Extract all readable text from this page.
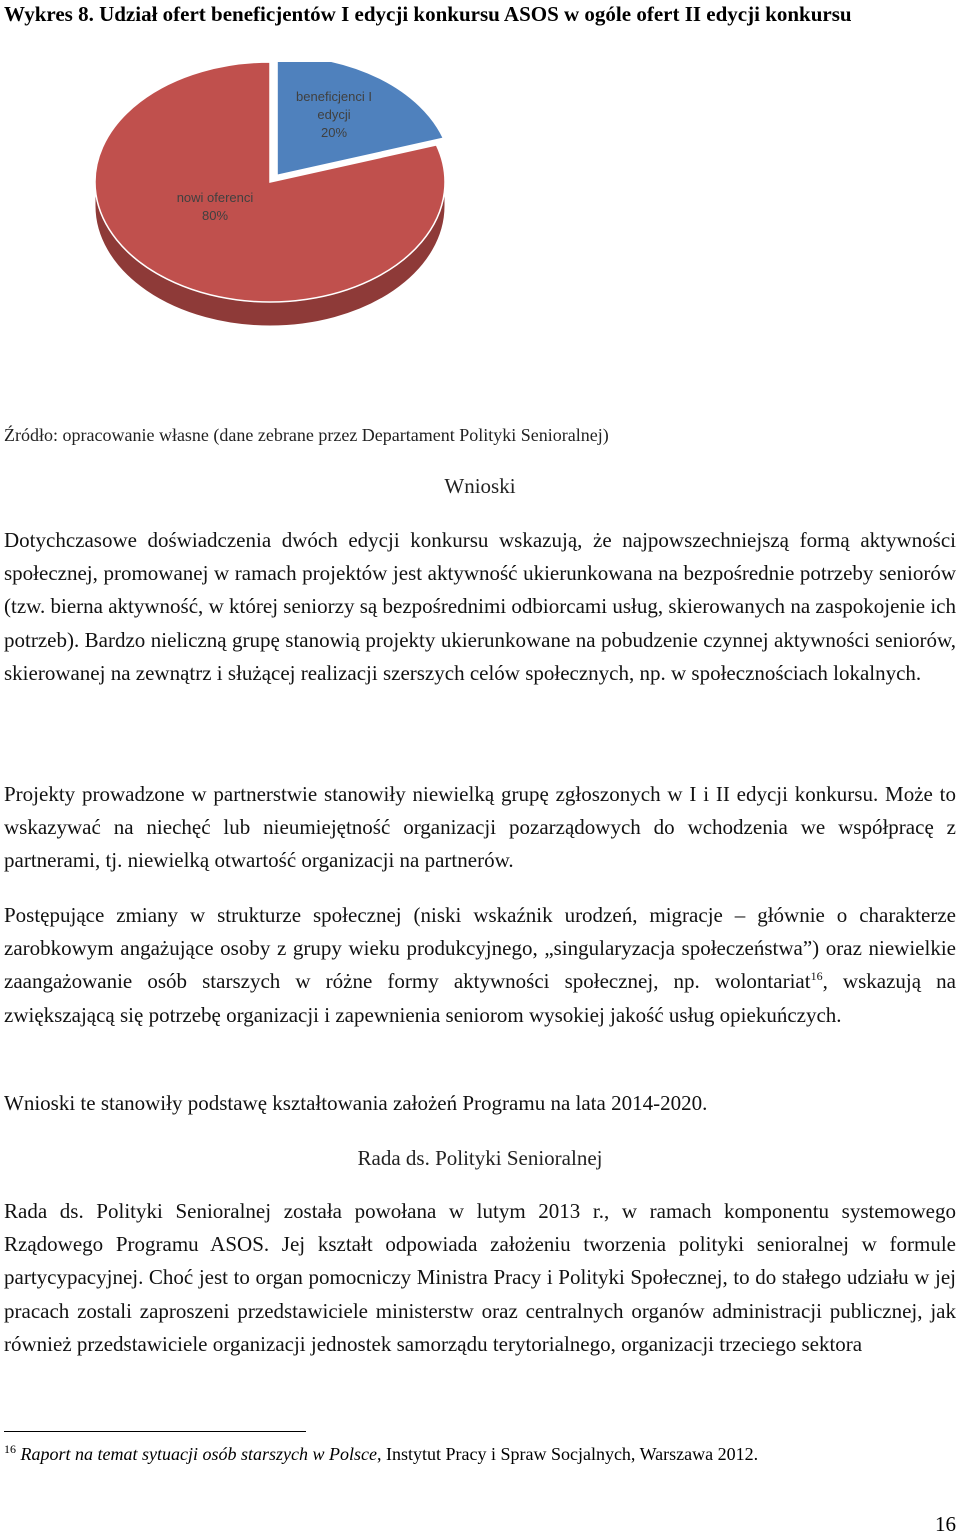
Wykres 8. Udział ofert beneficjentów I edycji konkursu ASOS w ogóle ofert II edycji konkursu
beneficjenci I edycji 20%
nowi oferenci 80%
Źródło: opracowanie własne (dane zebrane przez Departament Polityki Senioralnej)
Wnioski
Dotychczasowe doświadczenia dwóch edycji konkursu wskazują, że najpowszechniejszą formą aktywności społecznej, promowanej w ramach projektów jest aktywność ukierunkowana na bezpośrednie potrzeby seniorów (tzw. bierna aktywność, w której seniorzy są bezpośrednimi odbiorcami usług, skierowanych na zaspokojenie ich potrzeb). Bardzo nieliczną grupę stanowią projekty ukierunkowane na pobudzenie czynnej aktywności seniorów, skierowanej na zewnątrz i służącej realizacji szerszych celów społecznych, np. w społecznościach lokalnych.
Projekty prowadzone w partnerstwie stanowiły niewielką grupę zgłoszonych w I i II edycji konkursu. Może to wskazywać na niechęć lub nieumiejętność organizacji pozarządowych do wchodzenia we współpracę z partnerami, tj. niewielką otwartość organizacji na partnerów.
Postępujące zmiany w strukturze społecznej (niski wskaźnik urodzeń, migracje – głównie o charakterze zarobkowym angażujące osoby z grupy wieku produkcyjnego, „singularyzacja społeczeństwa”) oraz niewielkie zaangażowanie osób starszych w różne formy aktywności społecznej, np. wolontariat$^{16}$, wskazują na zwiększającą się potrzebę organizacji i zapewnienia seniorom wysokiej jakość usług opiekuńczych.
Wnioski te stanowiły podstawę kształtowania założeń Programu na lata 2014-2020.
Rada ds. Polityki Senioralnej
Rada ds. Polityki Senioralnej została powołana w lutym 2013 r., w ramach komponentu systemowego Rządowego Programu ASOS. Jej kształt odpowiada założeniu tworzenia polityki senioralnej w formule partycypacyjnej. Choć jest to organ pomocniczy Ministra Pracy i Polityki Społecznej, to do stałego udziału w jej pracach zostali zaproszeni przedstawiciele ministerstw oraz centralnych organów administracji publicznej, jak również przedstawiciele organizacji jednostek samorządu terytorialnego, organizacji trzeciego sektora
$^{16}$ Raport na temat sytuacji osób starszych w Polsce, Instytut Pracy i Spraw Socjalnych, Warszawa 2012.
16
